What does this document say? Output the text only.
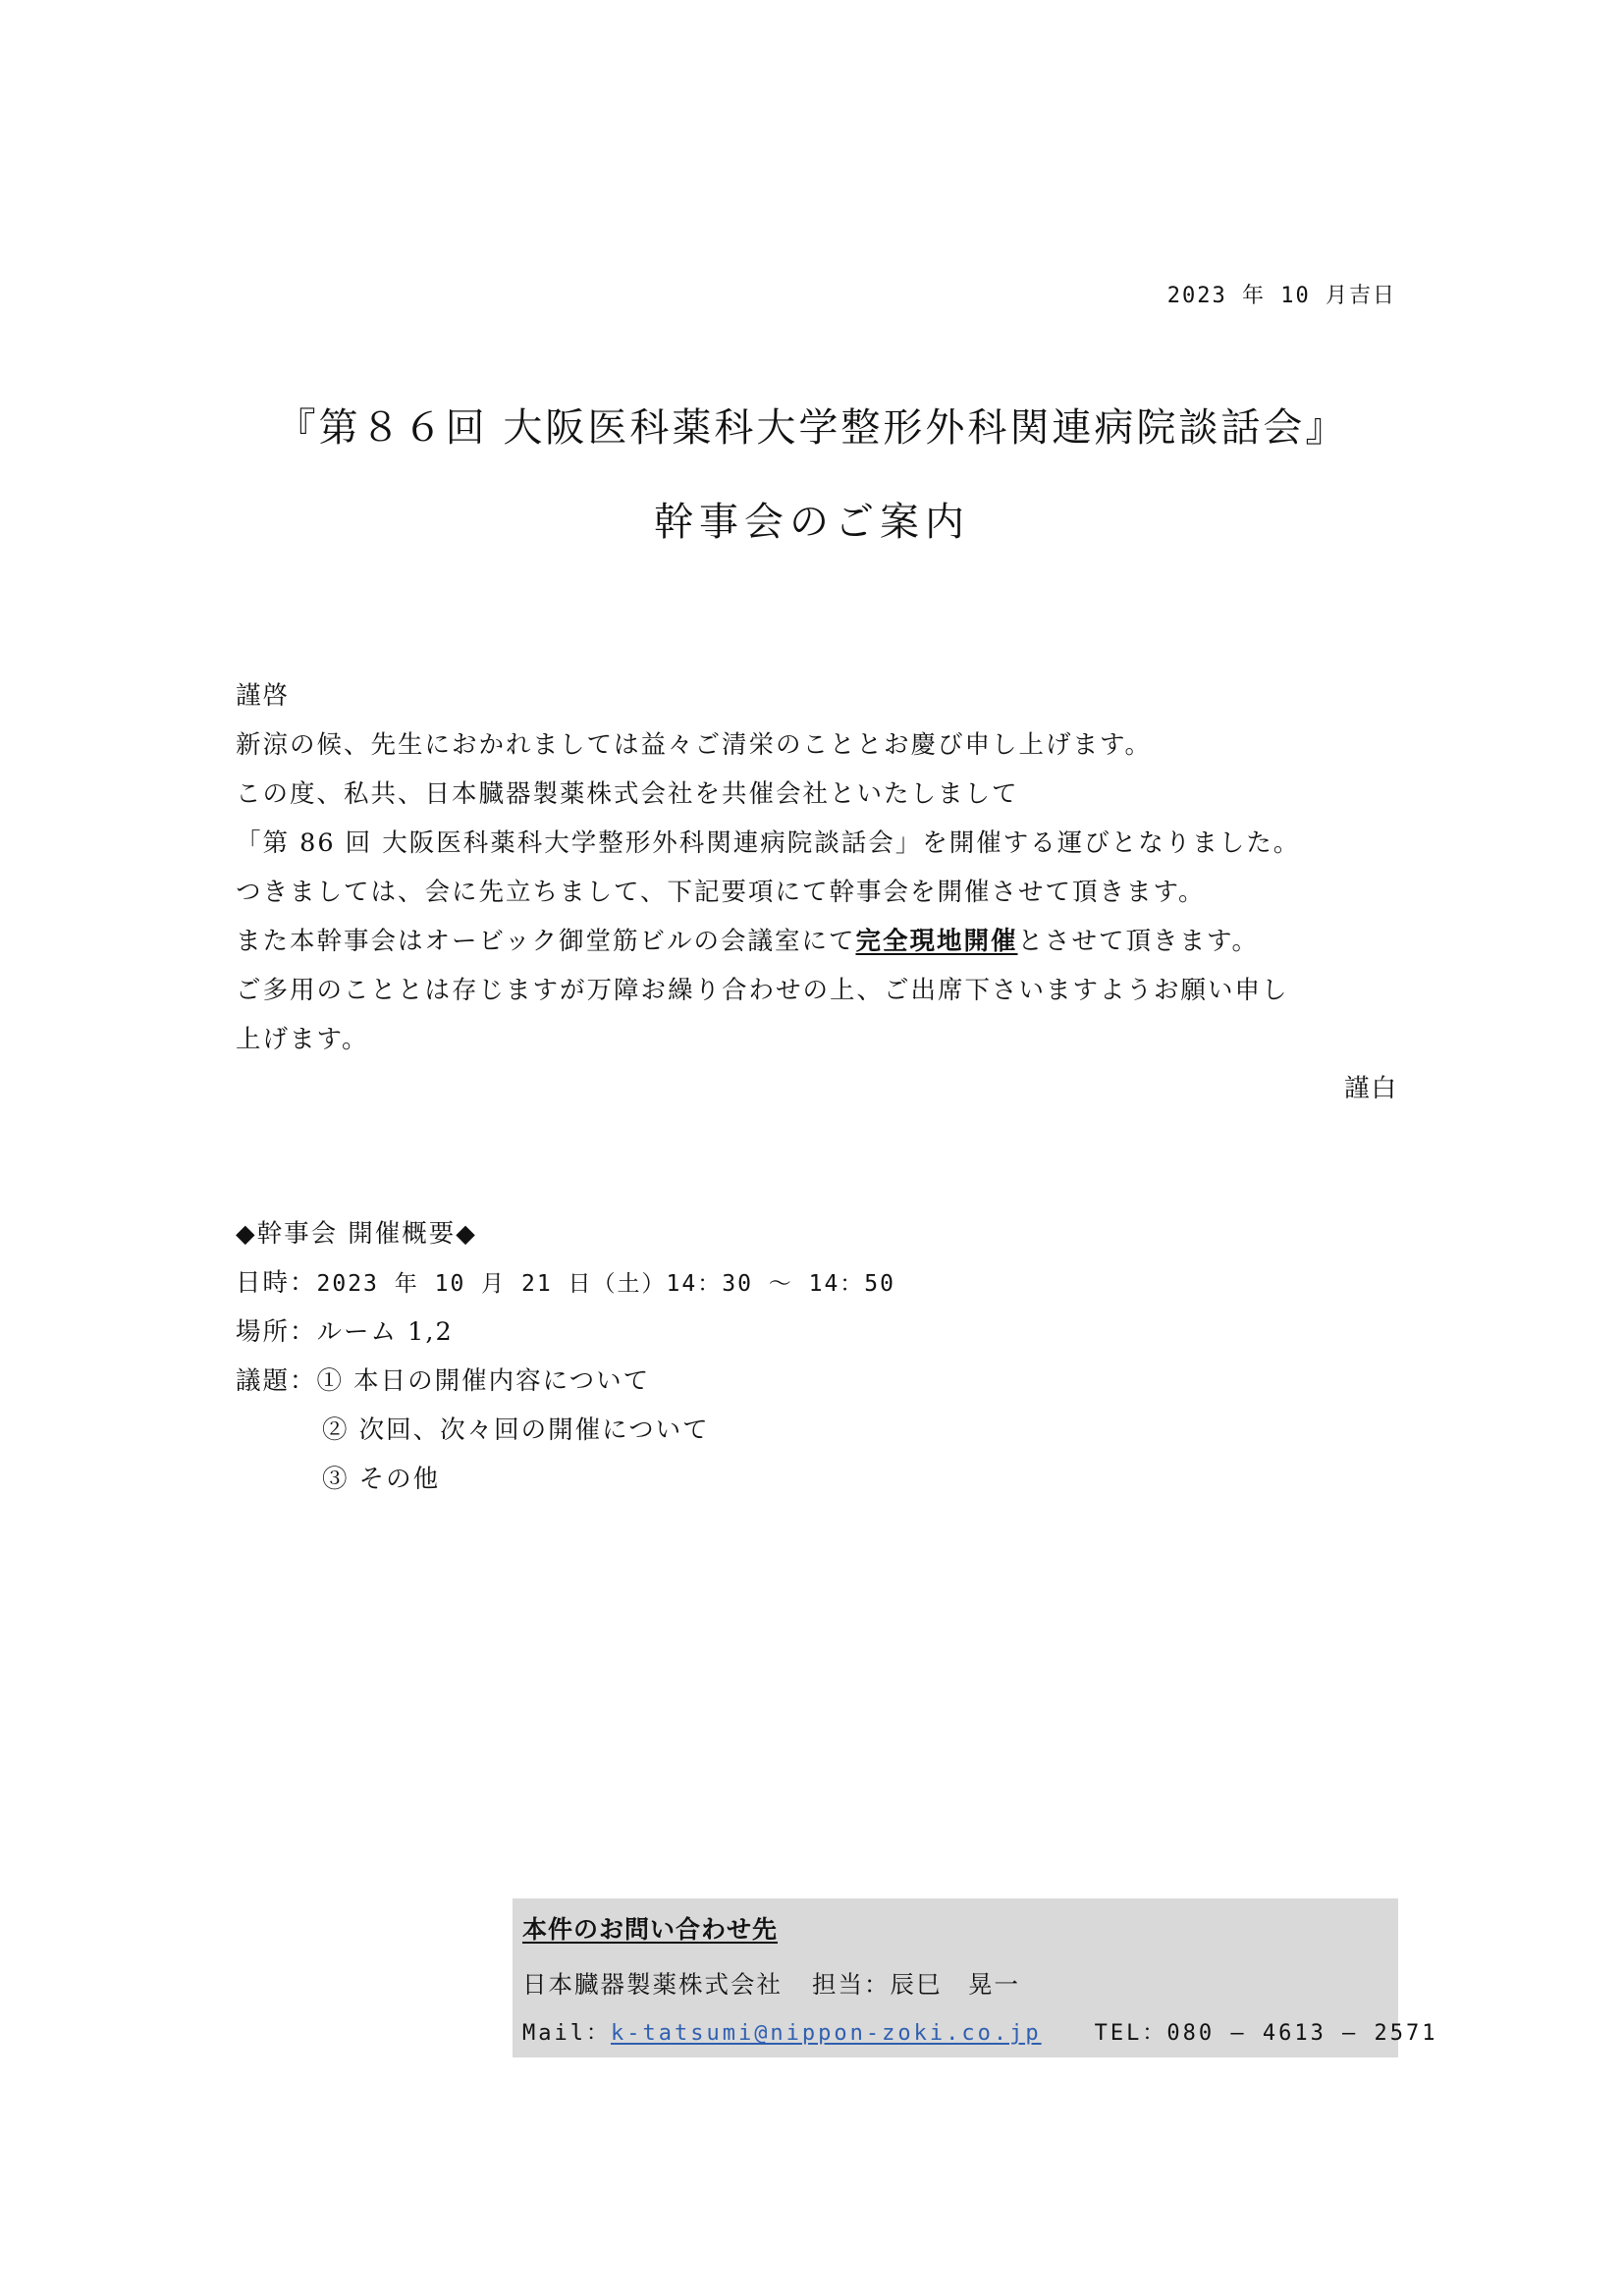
2023 年 10 月吉日
『第８６回 大阪医科薬科大学整形外科関連病院談話会』
幹事会のご案内
謹啓
新涼の候、先生におかれましては益々ご清栄のこととお慶び申し上げます。
この度、私共、日本臓器製薬株式会社を共催会社といたしまして
「第 86 回 大阪医科薬科大学整形外科関連病院談話会」を開催する運びとなりました。
つきましては、会に先立ちまして、下記要項にて幹事会を開催させて頂きます。
また本幹事会はオービック御堂筋ビルの会議室にて完全現地開催とさせて頂きます。
ご多用のこととは存じますが万障お繰り合わせの上、ご出席下さいますようお願い申し
上げます。
謹白
◆幹事会 開催概要◆
日時：2023 年 10 月 21 日（土）14：30 〜 14：50
場所：ルーム 1,2
議題：① 本日の開催内容について
② 次回、次々回の開催について
③ その他
本件のお問い合わせ先
日本臓器製薬株式会社 担当：辰巳　晃一
Mail：k-tatsumi@nippon-zoki.co.jp TEL：080 – 4613 – 2571
